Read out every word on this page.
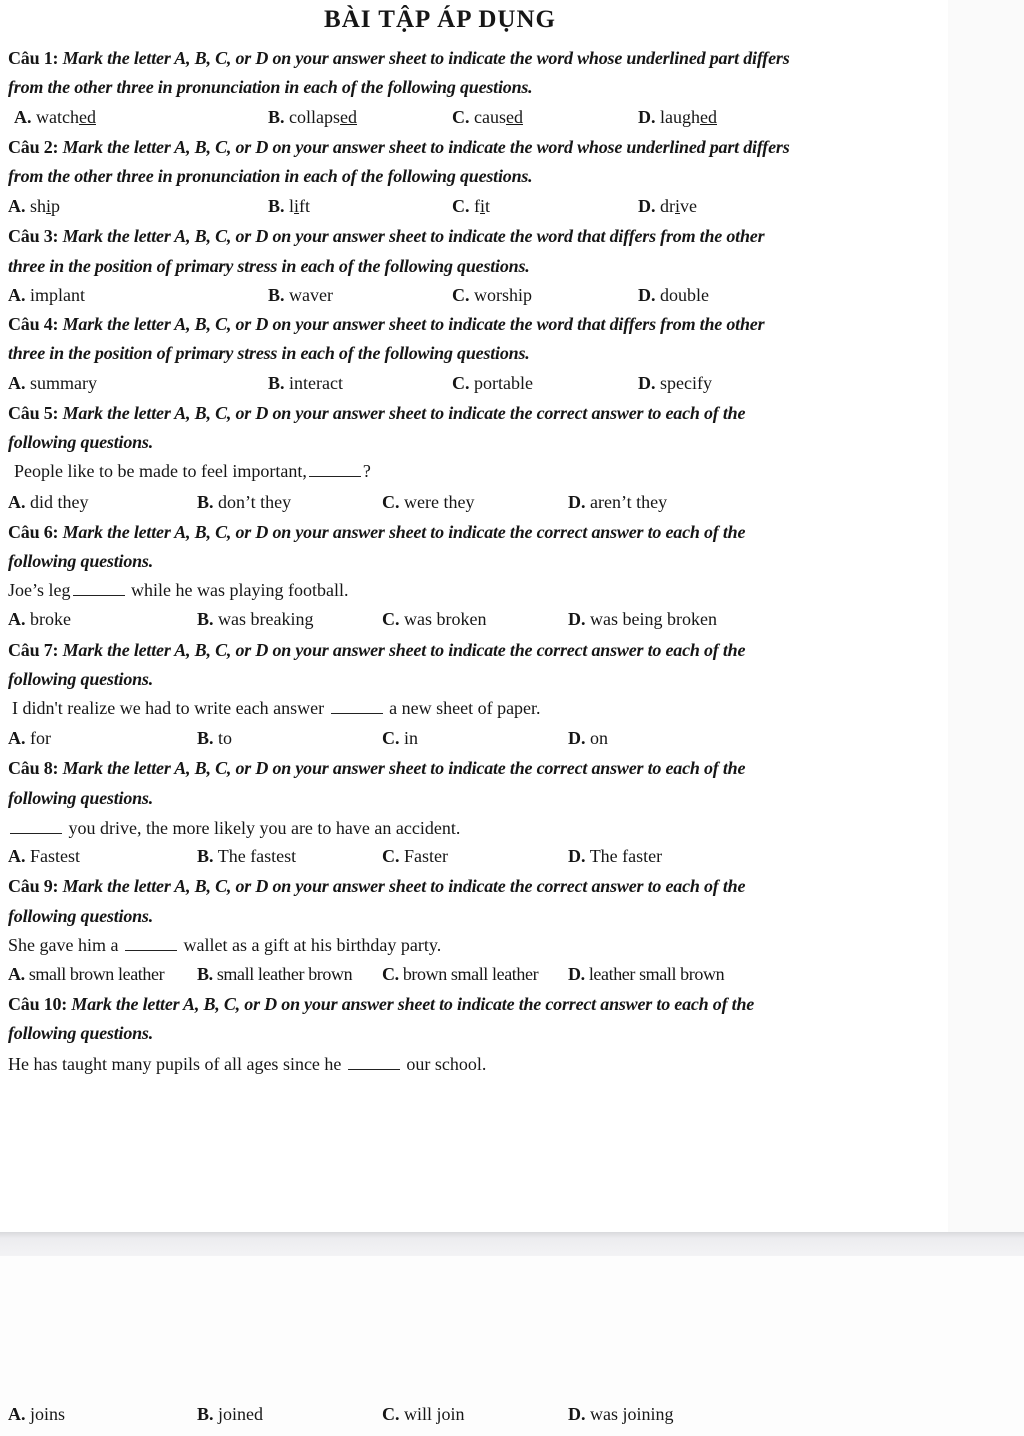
BÀI TẬP ÁP DỤNG
Câu 1: Mark the letter A, B, C, or D on your answer sheet to indicate the word whose underlined part differs
from the other three in pronunciation in each of the following questions.
A. watched	B. collapsed	C. caused	D. laughed
Câu 2: Mark the letter A, B, C, or D on your answer sheet to indicate the word whose underlined part differs
from the other three in pronunciation in each of the following questions.
A. ship	B. lift	C. fit	D. drive
Câu 3: Mark the letter A, B, C, or D on your answer sheet to indicate the word that differs from the other
three in the position of primary stress in each of the following questions.
A. implant	B. waver	C. worship	D. double
Câu 4: Mark the letter A, B, C, or D on your answer sheet to indicate the word that differs from the other
three in the position of primary stress in each of the following questions.
A. summary	B. interact	C. portable	D. specify
Câu 5: Mark the letter A, B, C, or D on your answer sheet to indicate the correct answer to each of the
following questions.
People like to be made to feel important,	?
A. did they	B. don’t they	C. were they	D. aren’t they
Câu 6: Mark the letter A, B, C, or D on your answer sheet to indicate the correct answer to each of the
following questions.
Joe’s leg	while he was playing football.
A. broke	B. was breaking	C. was broken	D. was being broken
Câu 7: Mark the letter A, B, C, or D on your answer sheet to indicate the correct answer to each of the
following questions.
I didn't realize we had to write each answer	a new sheet of paper.
A. for	B. to	C. in	D. on
Câu 8: Mark the letter A, B, C, or D on your answer sheet to indicate the correct answer to each of the
following questions.
you drive, the more likely you are to have an accident.
A. Fastest	B. The fastest	C. Faster	D. The faster
Câu 9: Mark the letter A, B, C, or D on your answer sheet to indicate the correct answer to each of the
following questions.
She gave him a	wallet as a gift at his birthday party.
A. small brown leather B. small leather brown C. brown small leather D. leather small brown
Câu 10: Mark the letter A, B, C, or D on your answer sheet to indicate the correct answer to each of the
following questions.
He has taught many pupils of all ages since he	our school.
A. joins	B. joined	C. will join	D. was joining
